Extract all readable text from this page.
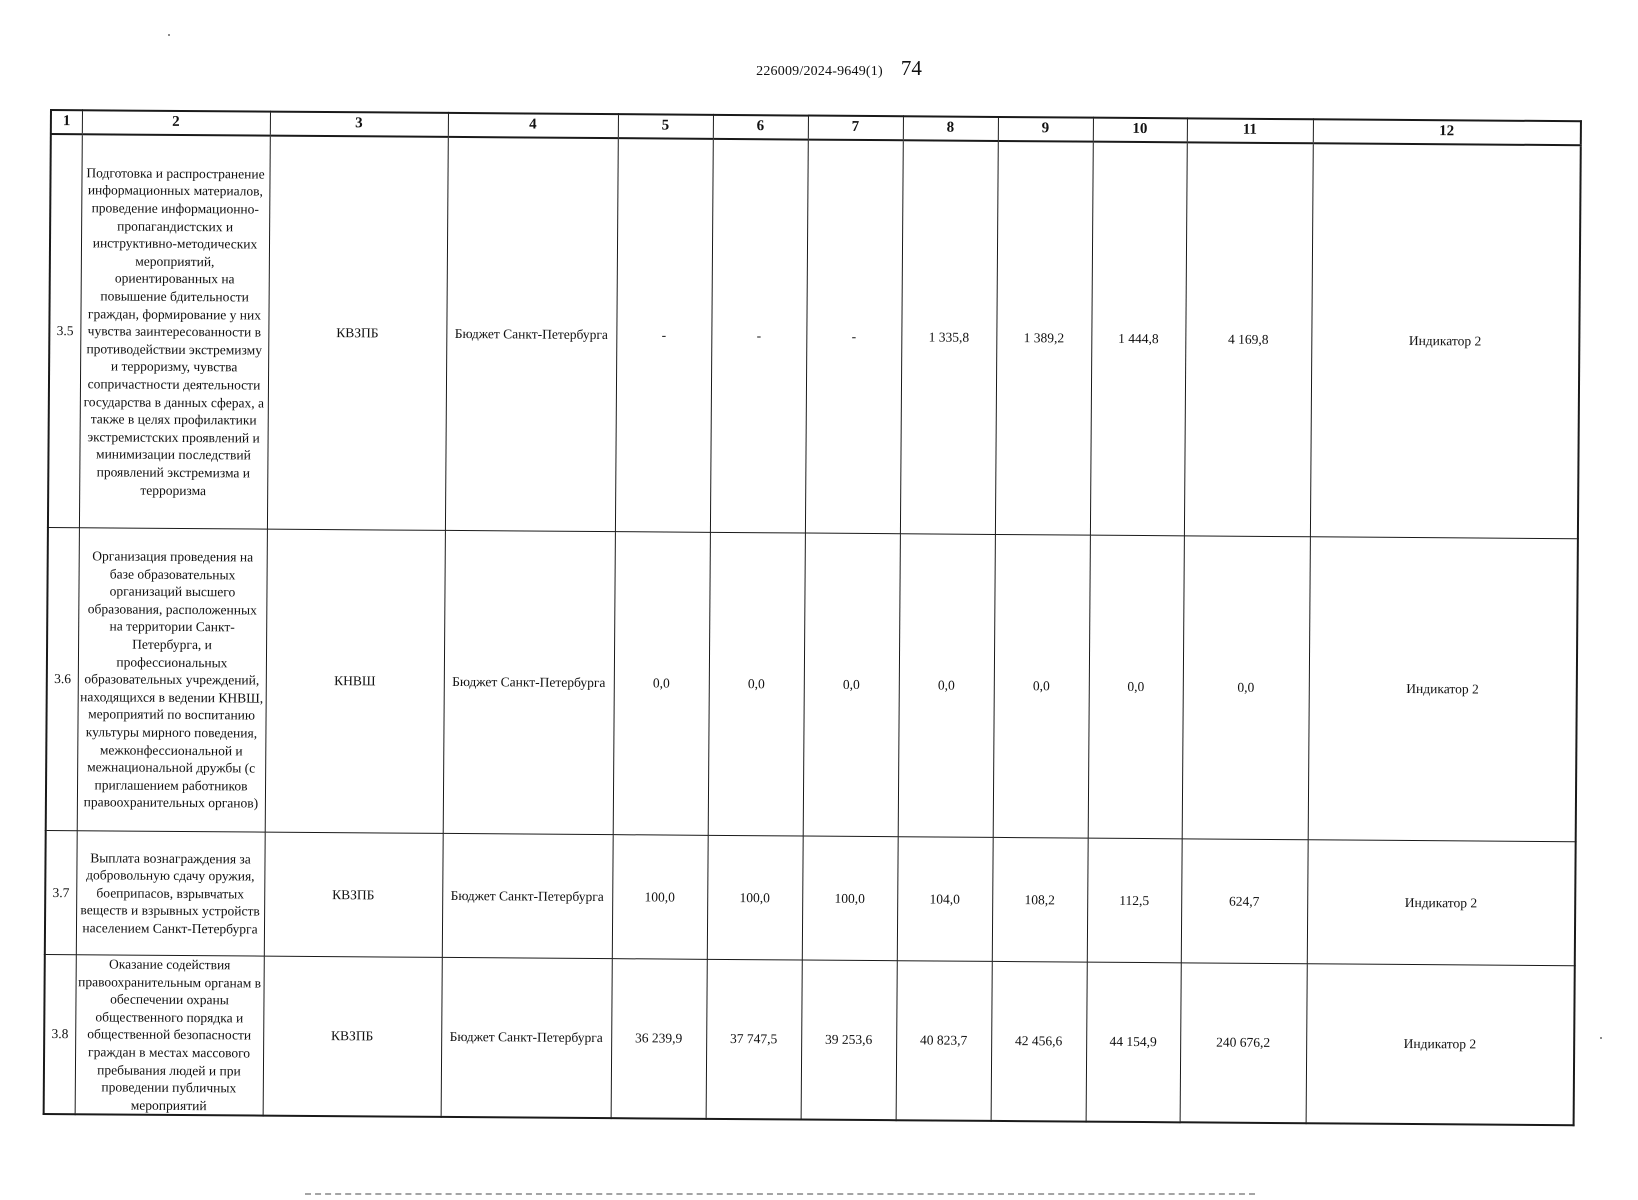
226009/2024-9649(1) 74
1	2	3	4	5	6	7	8	9	10	11	12
3.5	Подготовка и распространение информационных материалов, проведение информационно-пропагандистских и инструктивно-методических мероприятий, ориентированных на повышение бдительности граждан, формирование у них чувства заинтересованности в противодействии экстремизму и терроризму, чувства сопричастности деятельности государства в данных сферах, а также в целях профилактики экстремистских проявлений и минимизации последствий проявлений экстремизма и терроризма	КВЗПБ	Бюджет Санкт-Петербурга	-	-	-	1 335,8	1 389,2	1 444,8	4 169,8	Индикатор 2
3.6	Организация проведения на базе образовательных организаций высшего образования, расположенных на территории Санкт-Петербурга, и профессиональных образовательных учреждений, находящихся в ведении КНВШ, мероприятий по воспитанию культуры мирного поведения, межконфессиональной и межнациональной дружбы (с приглашением работников правоохранительных органов)	КНВШ	Бюджет Санкт-Петербурга	0,0	0,0	0,0	0,0	0,0	0,0	0,0	Индикатор 2
3.7	Выплата вознаграждения за добровольную сдачу оружия, боеприпасов, взрывчатых веществ и взрывных устройств населением Санкт-Петербурга	КВЗПБ	Бюджет Санкт-Петербурга	100,0	100,0	100,0	104,0	108,2	112,5	624,7	Индикатор 2
3.8	Оказание содействия правоохранительным органам в обеспечении охраны общественного порядка и общественной безопасности граждан в местах массового пребывания людей и при проведении публичных мероприятий	КВЗПБ	Бюджет Санкт-Петербурга	36 239,9	37 747,5	39 253,6	40 823,7	42 456,6	44 154,9	240 676,2	Индикатор 2
